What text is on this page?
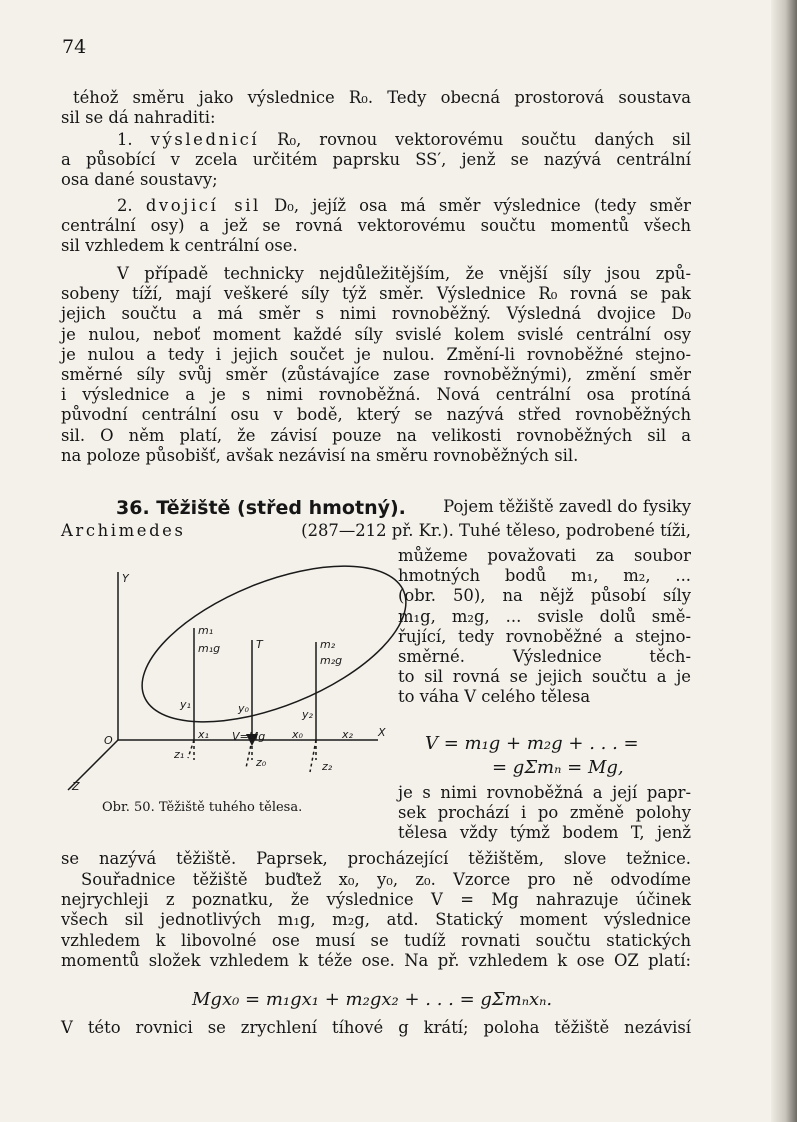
74

téhož směru jako výslednice R₀. Tedy obecná prostorová soustava
sil se dá nahraditi:

1. výslednicí R₀, rovnou vektorovému součtu daných sil
a působící v zcela určitém paprsku SS′, jenž se nazývá centrální
osa dané soustavy;

2. dvojicí sil D₀, jejíž osa má směr výslednice (tedy směr
centrální osy) a jež se rovná vektorovému součtu momentů všech
sil vzhledem k centrální ose.

V případě technicky nejdůležitějším, že vnější síly jsou způ-
sobeny tíží, mají veškeré síly týž směr. Výslednice R₀ rovná se pak
jejich součtu a má směr s nimi rovnoběžný. Výsledná dvojice D₀
je nulou, neboť moment každé síly svislé kolem svislé centrální osy
je nulou a tedy i jejich součet je nulou. Změní-li rovnoběžné stejno-
směrné síly svůj směr (zůstávajíce zase rovnoběžnými), změní směr
i výslednice a je s nimi rovnoběžná. Nová centrální osa protíná
původní centrální osu v bodě, který se nazývá střed rovnoběžných
sil. O něm platí, že závisí pouze na velikosti rovnoběžných sil a
na poloze působišť, avšak nezávisí na směru rovnoběžných sil.

36. Těžiště (střed hmotný). Pojem těžiště zavedl do fysiky
Archimedes	(287—212 př. Kr.). Tuhé těleso, podrobené tíži,
můžeme považovati za soubor
hmotných bodů m₁, m₂, ...
(obr. 50), na nějž působí síly
m₁g, m₂g, ... svisle dolů smě-
řující, tedy rovnoběžné a stejno-
směrné. Výslednice těch-
to sil rovná se jejich součtu a je
to váha V celého tělesa
V = m₁g + m₂g + . . . =
= gΣmₙ = Mg,
je s nimi rovnoběžná a její papr-
sek prochází i po změně polohy
tělesa vždy týmž bodem T, jenž
Obr. 50. Těžiště tuhého tělesa.
Y
X
Z
O
T
m₁
m₁g	m₂
m₂g
y₁	y₀	y₂
x₁ V=Mg x₀	x₂
z₁
z₀	z₂

se nazývá těžiště. Paprsek, procházející těžištěm, slove težnice.

Souřadnice těžiště buďtež x₀, y₀, z₀. Vzorce pro ně odvodíme
nejrychleji z poznatku, že výslednice V = Mg nahrazuje účinek
všech sil jednotlivých m₁g, m₂g, atd. Statický moment výslednice
vzhledem k libovolné ose musí se tudíž rovnati součtu statických
momentů složek vzhledem k téže ose. Na př. vzhledem k ose OZ platí:

Mgx₀ = m₁gx₁ + m₂gx₂ + . . . = gΣmₙxₙ.

V této rovnici se zrychlení tíhové g krátí; poloha těžiště nezávisí
